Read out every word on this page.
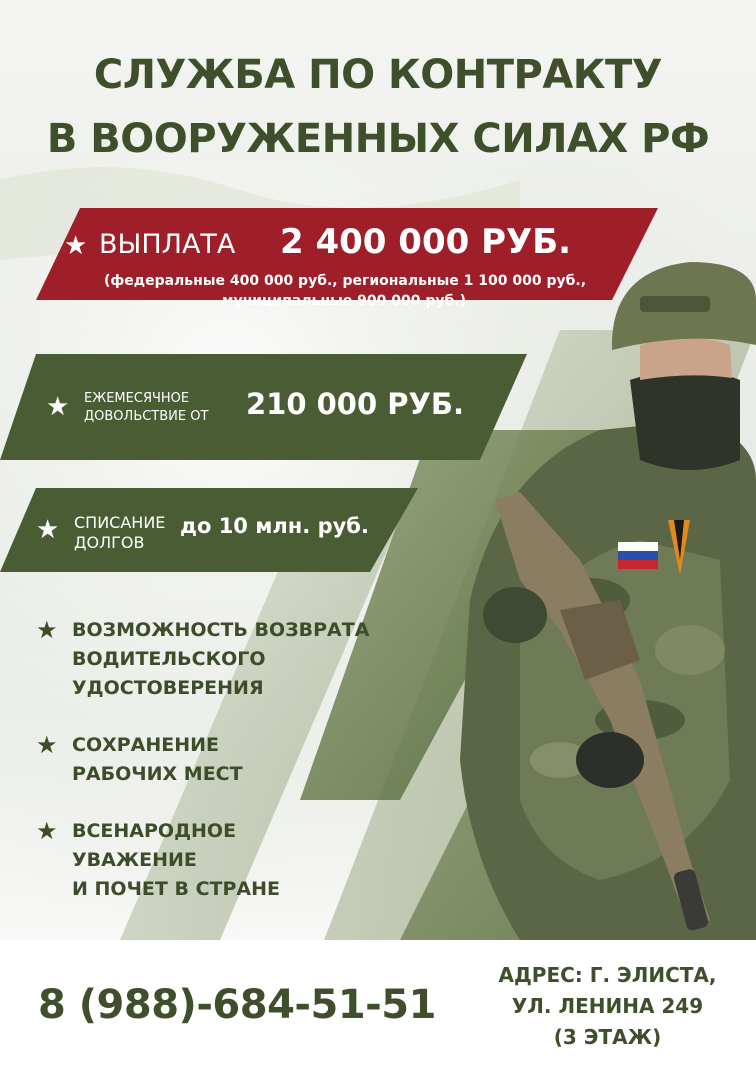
СЛУЖБА ПО КОНТРАКТУ
В ВООРУЖЕННЫХ СИЛАХ РФ
★ ВЫПЛАТА 2 400 000 РУБ.
(федеральные 400 000 руб., региональные 1 100 000 руб.,
муниципальные 900 000 руб.)
★ ЕЖЕМЕСЯЧНОЕ
ДОВОЛЬСТВИЕ ОТ 210 000 РУБ.
★ СПИСАНИЕ
ДОЛГОВ
до 10 млн. руб.
★ ВОЗМОЖНОСТЬ ВОЗВРАТА
ВОДИТЕЛЬСКОГО
УДОСТОВЕРЕНИЯ
★ СОХРАНЕНИЕ
РАБОЧИХ МЕСТ
★ ВСЕНАРОДНОЕ
УВАЖЕНИЕ
И ПОЧЕТ В СТРАНЕ
8 (988)-684-51-51
АДРЕС: Г. ЭЛИСТА,
УЛ. ЛЕНИНА 249
(3 ЭТАЖ)
